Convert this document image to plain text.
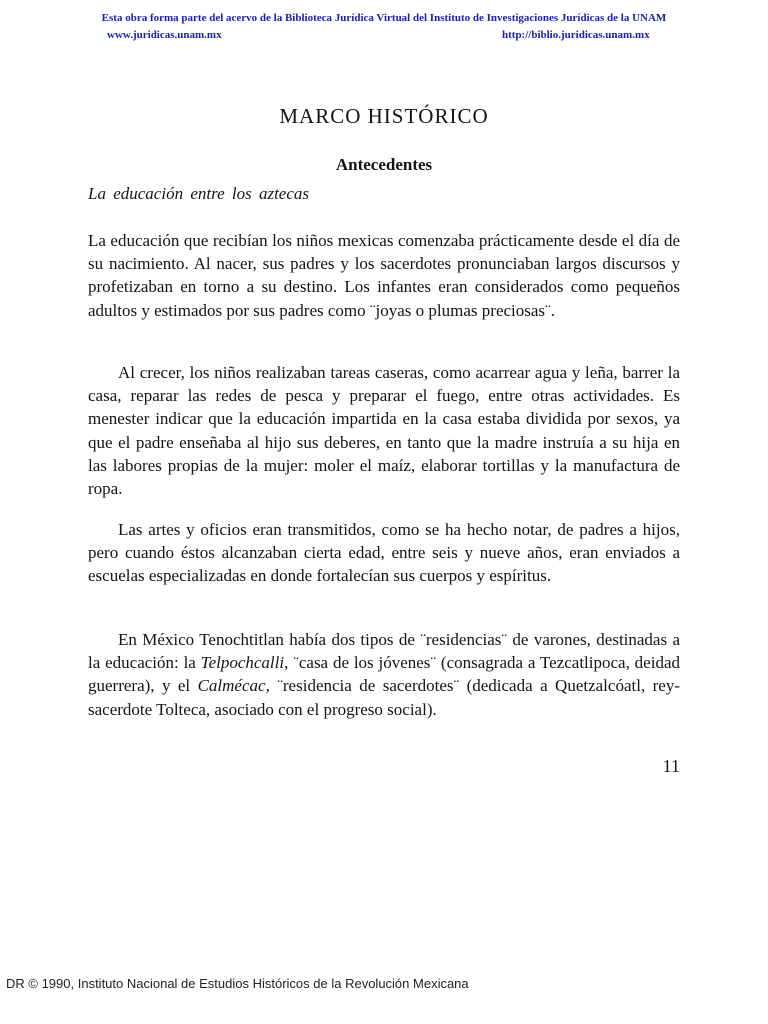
Esta obra forma parte del acervo de la Biblioteca Jurídica Virtual del Instituto de Investigaciones Jurídicas de la UNAM
www.juridicas.unam.mx	http://biblio.juridicas.unam.mx
MARCO HISTÓRICO
Antecedentes
La educación entre los aztecas

La educación que recibían los niños mexicas comenzaba prácticamente desde el día de su nacimiento. Al nacer, sus padres y los sacerdotes pronunciaban largos discursos y profetizaban en torno a su destino. Los infantes eran considerados como pequeños adultos y estimados por sus padres como ¨joyas o plumas preciosas¨.

Al crecer, los niños realizaban tareas caseras, como acarrear agua y leña, barrer la casa, reparar las redes de pesca y preparar el fuego, entre otras actividades. Es menester indicar que la educación impartida en la casa estaba dividida por sexos, ya que el padre enseñaba al hijo sus deberes, en tanto que la madre instruía a su hija en las labores propias de la mujer: moler el maíz, elaborar tortillas y la manufactura de ropa.

Las artes y oficios eran transmitidos, como se ha hecho notar, de padres a hijos, pero cuando éstos alcanzaban cierta edad, entre seis y nueve años, eran enviados a escuelas especializadas en donde fortalecían sus cuerpos y espíritus.

En México Tenochtitlan había dos tipos de ¨residencias¨ de varones, destinadas a la educación: la Telpochcalli, ¨casa de los jóvenes¨ (consagrada a Tezcatlipoca, deidad guerrera), y el Calmécac, ¨residencia de sacerdotes¨ (dedicada a Quetzalcóatl, rey-sacerdote Tolteca, asociado con el progreso social).

11
DR © 1990, Instituto Nacional de Estudios Históricos de la Revolución Mexicana
